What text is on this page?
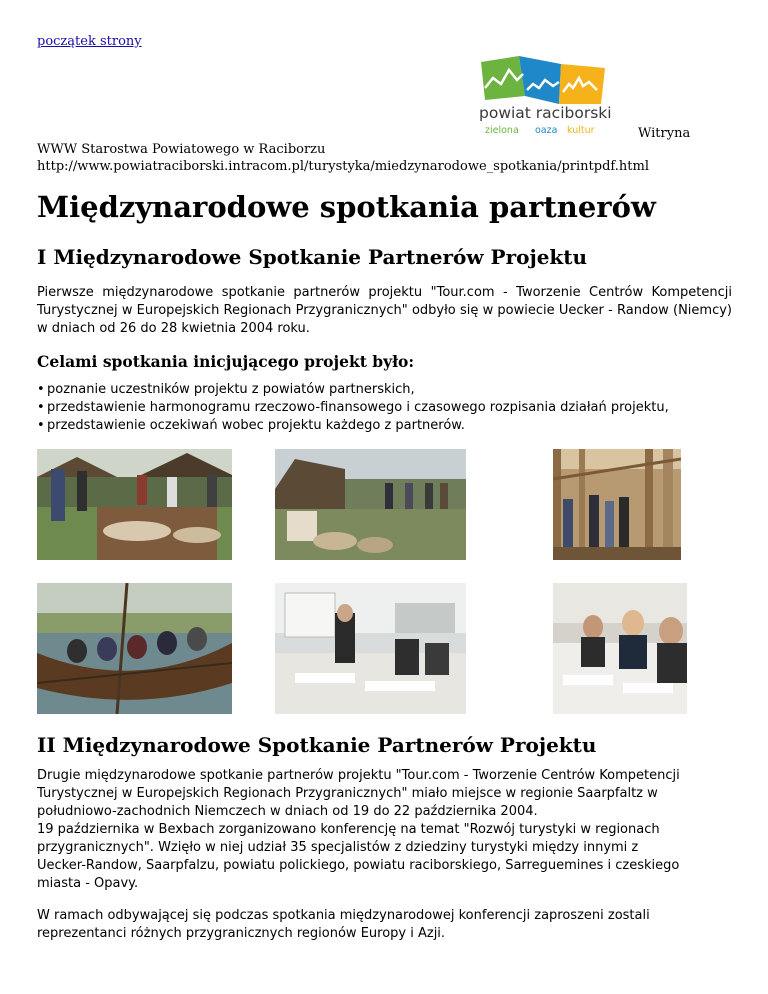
początek strony
powiat raciborski
zielona oaza kultur	Witryna
WWW Starostwa Powiatowego w Raciborzu
http://www.powiatraciborski.intracom.pl/turystyka/miedzynarodowe_spotkania/printpdf.html
Międzynarodowe spotkania partnerów
I Międzynarodowe Spotkanie Partnerów Projektu

Pierwsze międzynarodowe spotkanie partnerów projektu "Tour.com - Tworzenie Centrów Kompetencji Turystycznej w Europejskich Regionach Przygranicznych" odbyło się w powiecie Uecker - Randow (Niemcy) w dniach od 26 do 28 kwietnia 2004 roku.

Celami spotkania inicjującego projekt było:
• poznanie uczestników projektu z powiatów partnerskich,
• przedstawienie harmonogramu rzeczowo-finansowego i czasowego rozpisania działań projektu,
• przedstawienie oczekiwań wobec projektu każdego z partnerów.
II Międzynarodowe Spotkanie Partnerów Projektu
Drugie międzynarodowe spotkanie partnerów projektu "Tour.com - Tworzenie Centrów Kompetencji
Turystycznej w Europejskich Regionach Przygranicznych" miało miejsce w regionie Saarpfaltz w
południowo-zachodnich Niemczech w dniach od 19 do 22 października 2004.
19 października w Bexbach zorganizowano konferencję na temat "Rozwój turystyki w regionach
przygranicznych". Wzięło w niej udział 35 specjalistów z dziedziny turystyki między innymi z
Uecker-Randow, Saarpfalzu, powiatu polickiego, powiatu raciborskiego, Sarreguemines i czeskiego
miasta - Opavy.
W ramach odbywającej się podczas spotkania międzynarodowej konferencji zaproszeni zostali
reprezentanci różnych przygranicznych regionów Europy i Azji.
